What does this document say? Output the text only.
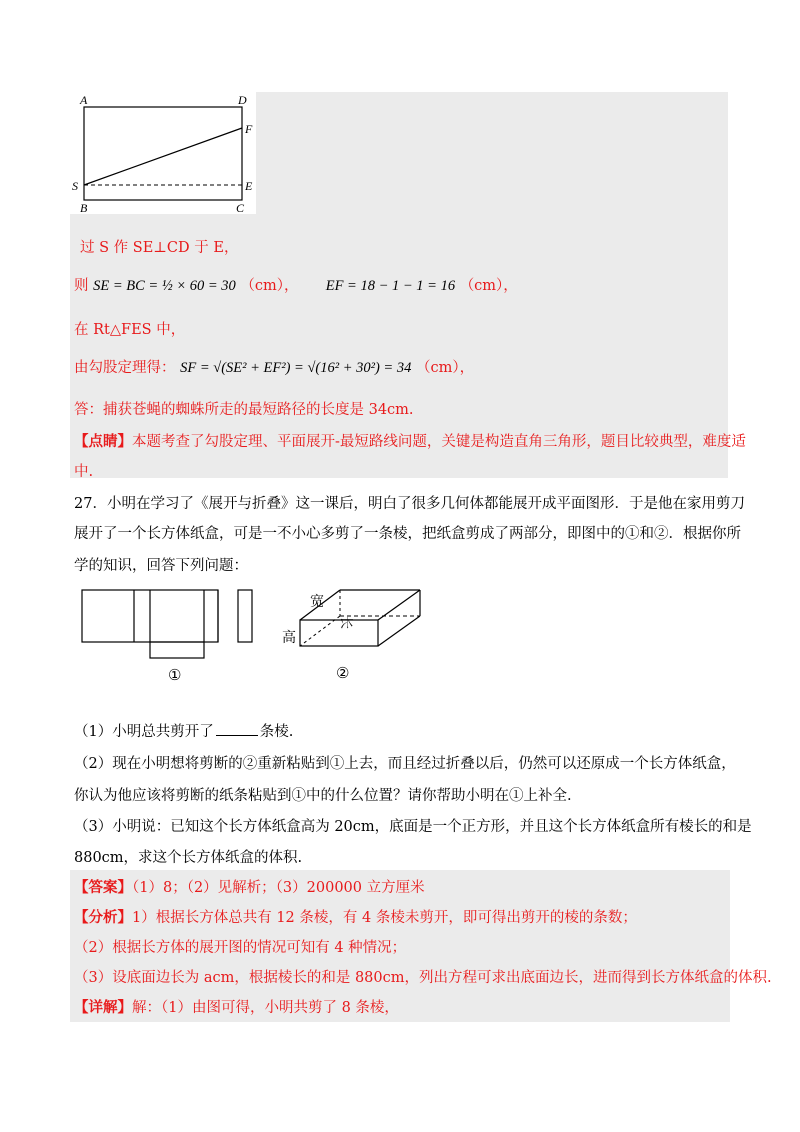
A	D
F
S	E
B	C
过 S 作 SE⊥CD 于 E，
则 SE = BC = ½ × 60 = 30 （cm）， EF = 18 − 1 − 1 = 16 （cm），
在 Rt△FES 中，
由勾股定理得： SF = √(SE² + EF²) = √(16² + 30²) = 34 （cm），
答：捕获苍蝇的蜘蛛所走的最短路径的长度是 34cm.
【点睛】本题考查了勾股定理、平面展开-最短路线问题，关键是构造直角三角形，题目比较典型，难度适
中.
27．小明在学习了《展开与折叠》这一课后，明白了很多几何体都能展开成平面图形．于是他在家用剪刀
展开了一个长方体纸盒，可是一不小心多剪了一条棱，把纸盒剪成了两部分，即图中的①和②．根据你所
学的知识，回答下列问题：
①
宽
长
高
②
（1）小明总共剪开了	条棱.
（2）现在小明想将剪断的②重新粘贴到①上去，而且经过折叠以后，仍然可以还原成一个长方体纸盒，
你认为他应该将剪断的纸条粘贴到①中的什么位置？请你帮助小明在①上补全.
（3）小明说：已知这个长方体纸盒高为 20cm，底面是一个正方形，并且这个长方体纸盒所有棱长的和是
880cm，求这个长方体纸盒的体积.
【答案】（1）8；（2）见解析；（3）200000 立方厘米
【分析】1）根据长方体总共有 12 条棱，有 4 条棱未剪开，即可得出剪开的棱的条数；
（2）根据长方体的展开图的情况可知有 4 种情况；
（3）设底面边长为 acm，根据棱长的和是 880cm，列出方程可求出底面边长，进而得到长方体纸盒的体积.
【详解】解：（1）由图可得，小明共剪了 8 条棱，
